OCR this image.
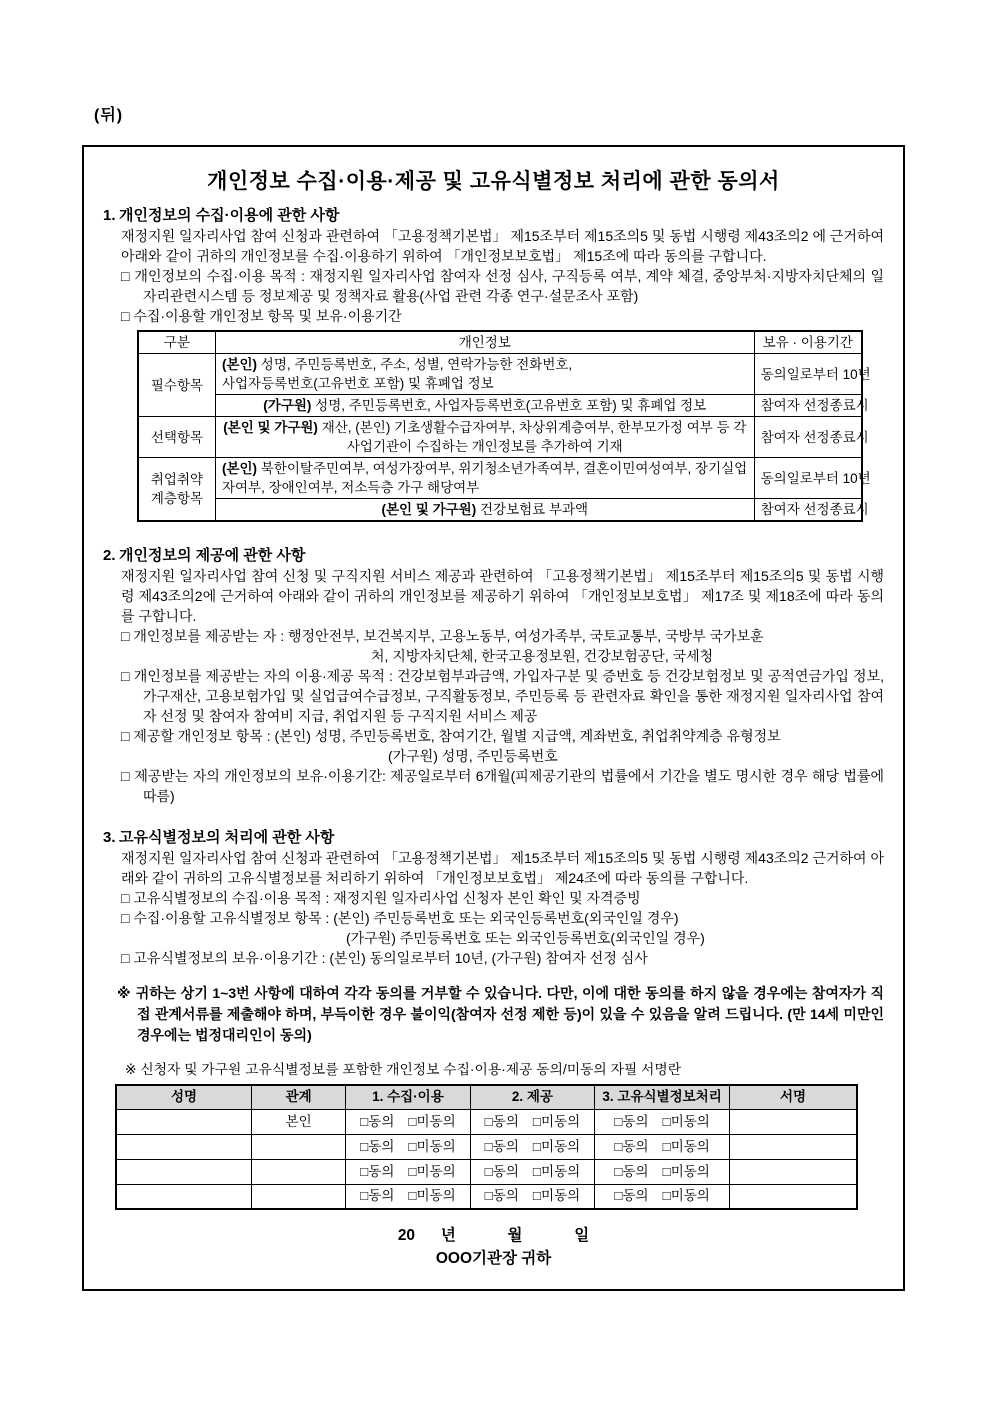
(뒤)
개인정보 수집·이용·제공 및 고유식별정보 처리에 관한 동의서
1. 개인정보의 수집·이용에 관한 사항
재정지원 일자리사업 참여 신청과 관련하여 「고용정책기본법」 제15조부터 제15조의5 및 동법 시행령 제43조의2 에 근거하여 아래와 같이 귀하의 개인정보를 수집·이용하기 위하여 「개인정보보호법」 제15조에 따라 동의를 구합니다.
□ 개인정보의 수집·이용 목적 : 재정지원 일자리사업 참여자 선정 심사, 구직등록 여부, 계약 체결, 중앙부처·지방자치단체의 일자리관련시스템 등 정보제공 및 정책자료 활용(사업 관련 각종 연구·설문조사 포함)
□ 수집·이용할 개인정보 항목 및 보유·이용기간
구분	개인정보	보유 · 이용기간
필수항목	(본인) 성명, 주민등록번호, 주소, 성별, 연락가능한 전화번호,
사업자등록번호(고유번호 포함) 및 휴폐업 정보	동의일로부터 10년
	(가구원) 성명, 주민등록번호, 사업자등록번호(고유번호 포함) 및 휴폐업 정보	참여자 선정종료시
선택항목	(본인 및 가구원) 재산, (본인) 기초생활수급자여부, 차상위계층여부, 한부모가정 여부 등 각 사업기관이 수집하는 개인정보를 추가하여 기재	참여자 선정종료시
취업취약 계층항목	(본인) 북한이탈주민여부, 여성가장여부, 위기청소년가족여부, 결혼이민여성여부, 장기실업자여부, 장애인여부, 저소득층 가구 해당여부	동의일로부터 10년
	(본인 및 가구원) 건강보험료 부과액	참여자 선정종료시
2. 개인정보의 제공에 관한 사항
재정지원 일자리사업 참여 신청 및 구직지원 서비스 제공과 관련하여 「고용정책기본법」 제15조부터 제15조의5 및 동법 시행령 제43조의2에 근거하여 아래와 같이 귀하의 개인정보를 제공하기 위하여 「개인정보보호법」 제17조 및 제18조에 따라 동의를 구합니다.
□ 개인정보를 제공받는 자 : 행정안전부, 보건복지부, 고용노동부, 여성가족부, 국토교통부, 국방부 국가보훈
처, 지방자치단체, 한국고용정보원, 건강보험공단, 국세청
□ 개인정보를 제공받는 자의 이용·제공 목적 : 건강보험부과금액, 가입자구분 및 증번호 등 건강보험정보 및 공적연금가입 정보, 가구재산, 고용보험가입 및 실업급여수급정보, 구직활동정보, 주민등록 등 관련자료 확인을 통한 재정지원 일자리사업 참여자 선정 및 참여자 참여비 지급, 취업지원 등 구직지원 서비스 제공
□ 제공할 개인정보 항목 : (본인) 성명, 주민등록번호, 참여기간, 월별 지급액, 계좌번호, 취업취약계층 유형정보
(가구원) 성명, 주민등록번호
□ 제공받는 자의 개인정보의 보유·이용기간: 제공일로부터 6개월(피제공기관의 법률에서 기간을 별도 명시한 경우 해당 법률에 따름)
3. 고유식별정보의 처리에 관한 사항
재정지원 일자리사업 참여 신청과 관련하여 「고용정책기본법」 제15조부터 제15조의5 및 동법 시행령 제43조의2 근거하여 아래와 같이 귀하의 고유식별정보를 처리하기 위하여 「개인정보보호법」 제24조에 따라 동의를 구합니다.
□ 고유식별정보의 수집·이용 목적 : 재정지원 일자리사업 신청자 본인 확인 및 자격증빙
□ 수집·이용할 고유식별정보 항목 : (본인) 주민등록번호 또는 외국인등록번호(외국인일 경우)
(가구원) 주민등록번호 또는 외국인등록번호(외국인일 경우)
□ 고유식별정보의 보유·이용기간 : (본인) 동의일로부터 10년, (가구원) 참여자 선정 심사
※ 귀하는 상기 1~3번 사항에 대하여 각각 동의를 거부할 수 있습니다. 다만, 이에 대한 동의를 하지 않을 경우에는 참여자가 직접 관계서류를 제출해야 하며, 부득이한 경우 불이익(참여자 선정 제한 등)이 있을 수 있음을 알려 드립니다. (만 14세 미만인 경우에는 법정대리인이 동의)
※ 신청자 및 가구원 고유식별정보를 포함한 개인정보 수집·이용·제공 동의/미동의 자필 서명란
성명	관계	1. 수집·이용	2. 제공	3. 고유식별정보처리	서명
	본인	□동의 □미동의	□동의 □미동의	□동의 □미동의	

		□동의 □미동의	□동의 □미동의	□동의 □미동의	

		□동의 □미동의	□동의 □미동의	□동의 □미동의	

		□동의 □미동의	□동의 □미동의	□동의 □미동의	

20      년            월            일
OOO기관장 귀하
